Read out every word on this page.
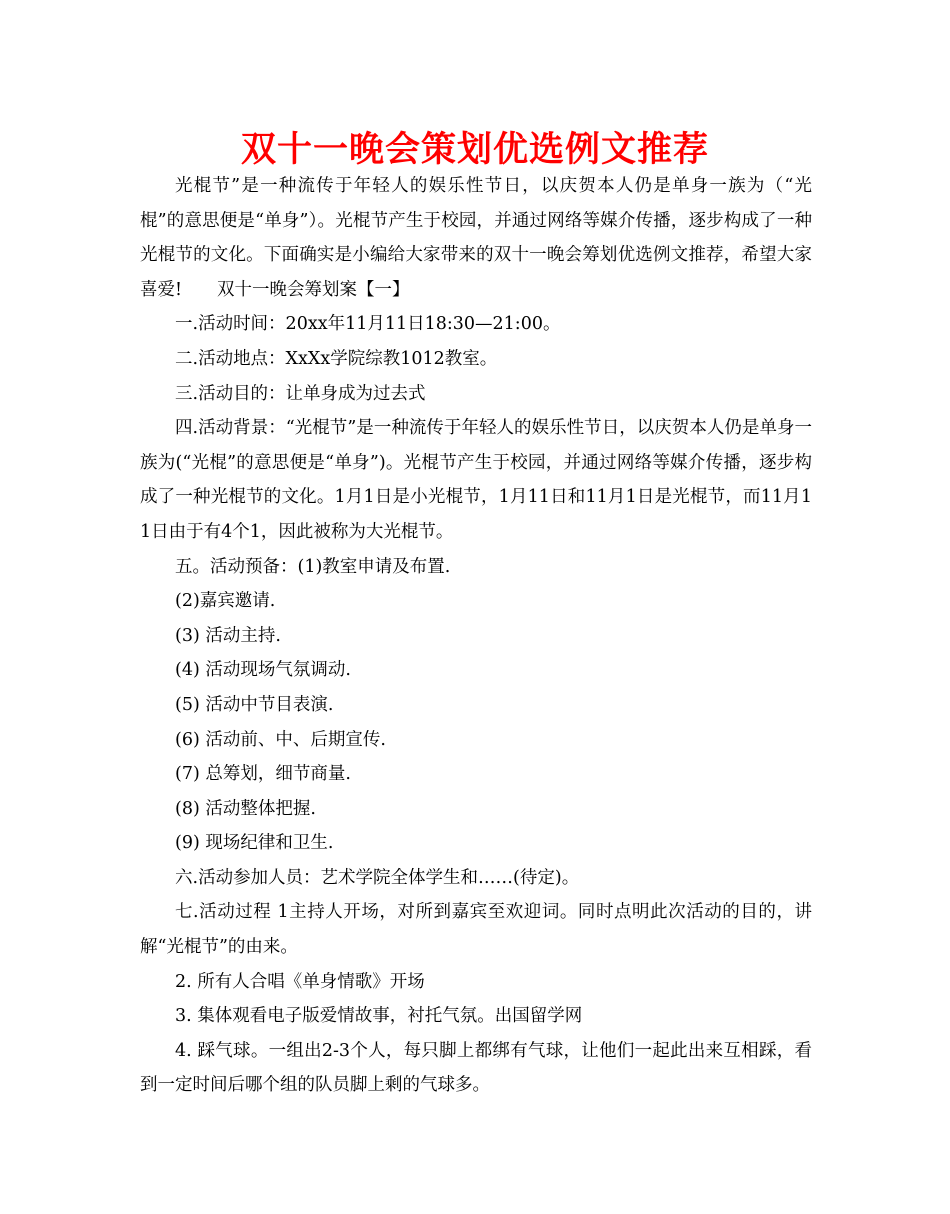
双十一晚会策划优选例文推荐

光棍节”是一种流传于年轻人的娱乐性节日，以庆贺本人仍是单身一族为（“光棍”的意思便是“单身”）。光棍节产生于校园，并通过网络等媒介传播，逐步构成了一种光棍节的文化。下面确实是小编给大家带来的双十一晚会筹划优选例文推荐，希望大家喜爱!　　双十一晚会筹划案【一】

一.活动时间：20xx年11月11日18:30—21:00。

二.活动地点：XxXx学院综教1012教室。

三.活动目的：让单身成为过去式

四.活动背景：“光棍节”是一种流传于年轻人的娱乐性节日，以庆贺本人仍是单身一族为(“光棍”的意思便是“单身”)。光棍节产生于校园，并通过网络等媒介传播，逐步构成了一种光棍节的文化。1月1日是小光棍节，1月11日和11月1日是光棍节，而11月11日由于有4个1，因此被称为大光棍节。

五。活动预备：(1)教室申请及布置.

(2)嘉宾邀请.

(3) 活动主持.

(4) 活动现场气氛调动.

(5) 活动中节目表演.

(6) 活动前、中、后期宣传.

(7) 总筹划，细节商量.

(8) 活动整体把握.

(9) 现场纪律和卫生.

六.活动参加人员：艺术学院全体学生和……(待定)。

七.活动过程 1主持人开场，对所到嘉宾至欢迎词。同时点明此次活动的目的，讲解“光棍节”的由来。

2. 所有人合唱《单身情歌》开场

3. 集体观看电子版爱情故事，衬托气氛。出国留学网

4. 踩气球。一组出2-3个人，每只脚上都绑有气球，让他们一起此出来互相踩，看到一定时间后哪个组的队员脚上剩的气球多。
